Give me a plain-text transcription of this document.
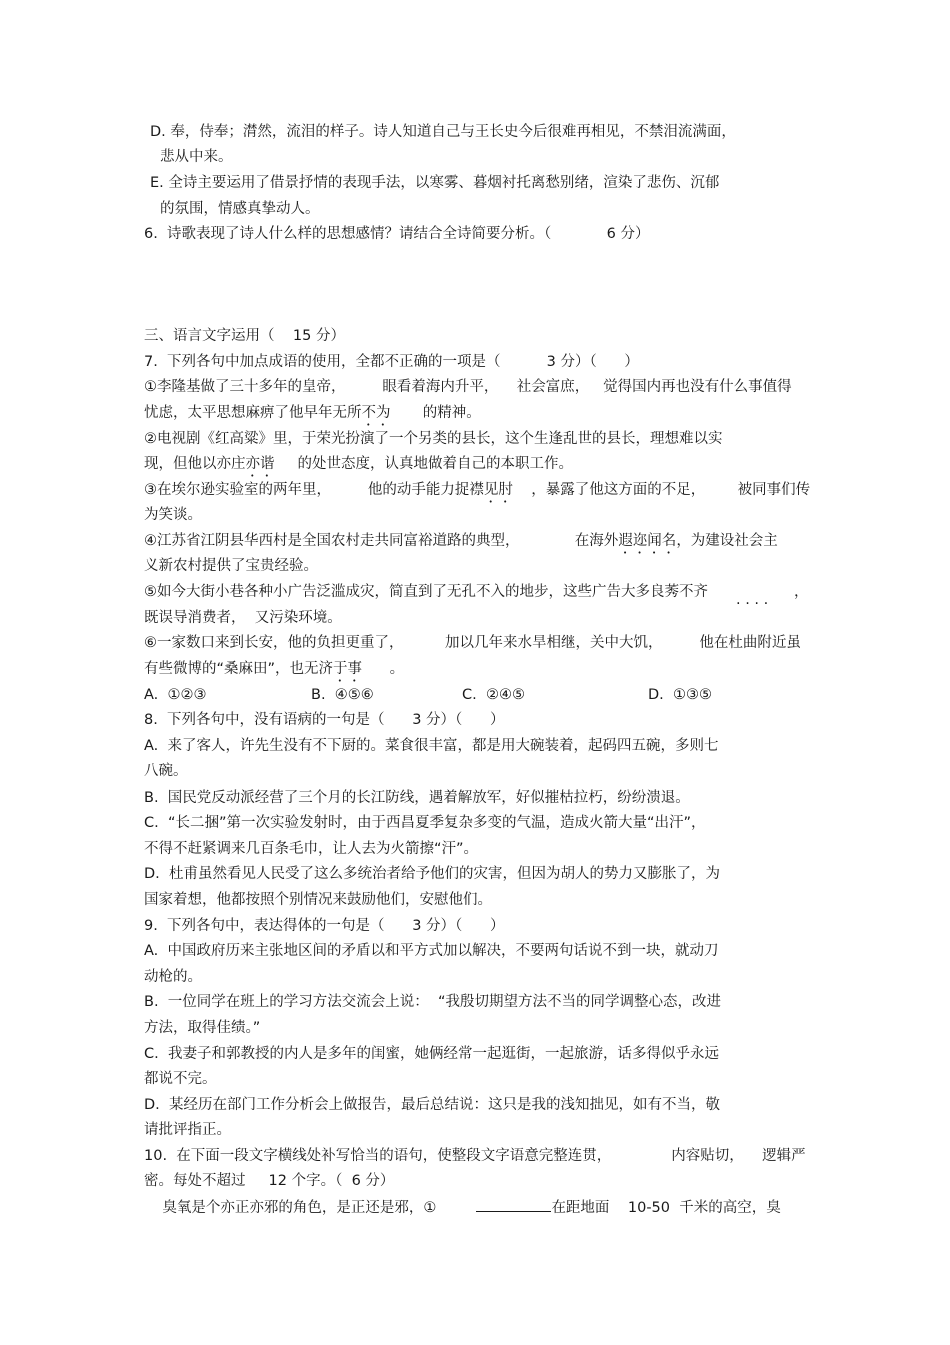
D. 奉，侍奉；潸然，流泪的样子。诗人知道自己与王长史今后很难再相见，不禁泪流满面，
悲从中来。
E. 全诗主要运用了借景抒情的表现手法，以寒雾、暮烟衬托离愁别绪，渲染了悲伤、沉郁
的氛围，情感真挚动人。
6.  诗歌表现了诗人什么样的思想感情？请结合全诗简要分析。（            6 分）
三、语言文字运用（    15 分）
7.  下列各句中加点成语的使用，全都不正确的一项是（          3 分）（      ）
①李隆基做了三十多年的皇帝，        眼看着海内升平，    社会富庶，   觉得国内再也没有什么事值得
忧虑，太平思想麻痹了他早年无所不为       的精神。
②电视剧《红高粱》里，于荣光扮演了一个另类的县长，这个生逢乱世的县长，理想难以实
现，但他以亦庄亦谐     的处世态度，认真地做着自己的本职工作。
③在埃尔逊实验室的两年里，        他的动手能力捉襟见肘    ，暴露了他这方面的不足，       被同事们传
为笑谈。
④江苏省江阴县华西村是全国农村走共同富裕道路的典型，            在海外遐迩闻名，为建设社会主
义新农村提供了宝贵经验。
⑤如今大街小巷各种小广告泛滥成灾，简直到了无孔不入的地步，这些广告大多良莠不齐 . . . . ，
既误导消费者，  又污染环境。
⑥一家数口来到长安，他的负担更重了，         加以几年来水旱相继，关中大饥，        他在杜曲附近虽
有些微博的“桑麻田”，也无济于事      。
A.  ①②③	B.  ④⑤⑥	C.  ②④⑤	D.  ①③⑤
8.  下列各句中，没有语病的一句是（      3 分）（      ）
A.  来了客人，许先生没有不下厨的。菜食很丰富，都是用大碗装着，起码四五碗，多则七
八碗。
B.  国民党反动派经营了三个月的长江防线，遇着解放军，好似摧枯拉朽，纷纷溃退。
C.  “长二捆”第一次实验发射时，由于西昌夏季复杂多变的气温，造成火箭大量“出汗”，
不得不赶紧调来几百条毛巾，让人去为火箭擦“汗”。
D.  杜甫虽然看见人民受了这么多统治者给予他们的灾害，但因为胡人的势力又膨胀了，为
国家着想，他都按照个别情况来鼓励他们，安慰他们。
9.  下列各句中，表达得体的一句是（      3 分）（      ）
A.  中国政府历来主张地区间的矛盾以和平方式加以解决，不要两句话说不到一块，就动刀
动枪的。
B.  一位同学在班上的学习方法交流会上说：  “我殷切期望方法不当的同学调整心态，改进
方法，取得佳绩。”
C.  我妻子和郭教授的内人是多年的闺蜜，她俩经常一起逛街，一起旅游，话多得似乎永远
都说不完。
D.  某经历在部门工作分析会上做报告，最后总结说：这只是我的浅知拙见，如有不当，敬
请批评指正。
10.  在下面一段文字横线处补写恰当的语句，使整段文字语意完整连贯，             内容贴切，    逻辑严
密。每处不超过     12 个字。（  6 分）
臭氧是个亦正亦邪的角色，是正还是邪，①	在距地面    10-50  千米的高空，臭
